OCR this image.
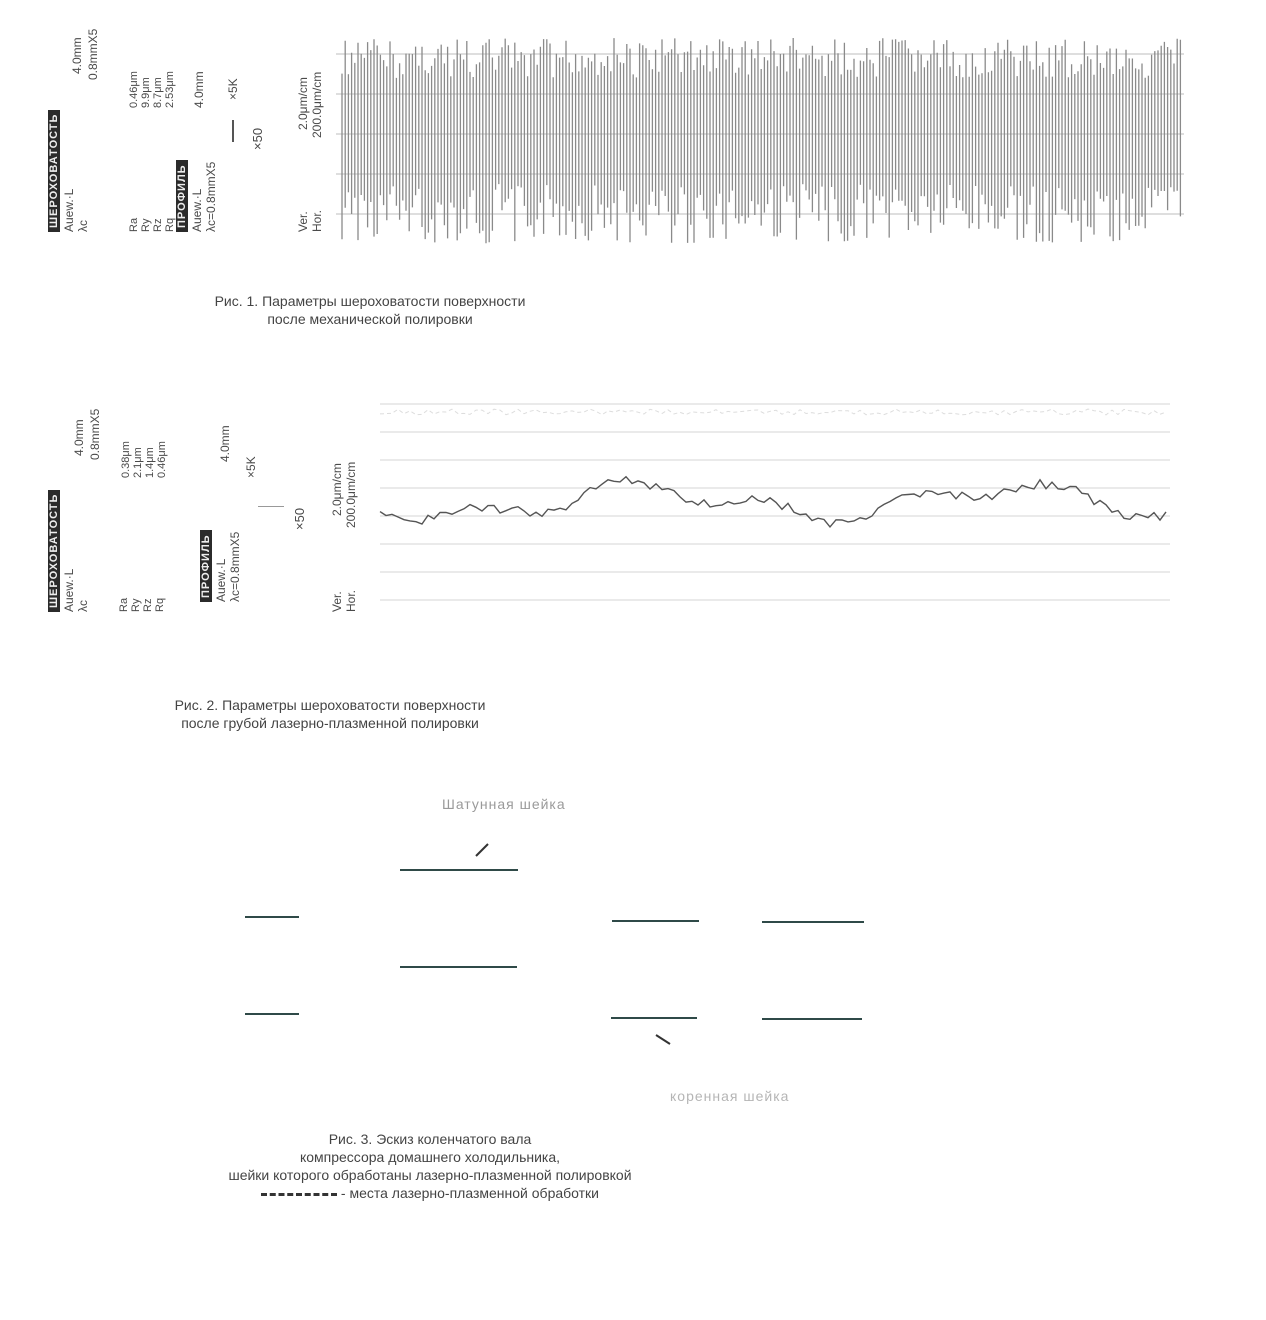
ШЕРОХОВАТОСТЬ Auew.·L λc
4.0mm 0.8mmX5
Ra Ry Rz Rq
0.46μm 9.9μm 8.7μm 2.53μm
ПРОФИЛЬ Auew.·L λc=0.8mmX5
4.0mm ×5K
×50
Ver. Hor.
2.0μm/cm 200.0μm/cm
Рис. 1. Параметры шероховатости поверхности
после механической полировки
ШЕРОХОВАТОСТЬ Auew.·L λc
4.0mm 0.8mmX5
Ra Ry Rz Rq
0.38μm 2.1μm 1.4μm 0.46μm
ПРОФИЛЬ Auew.·L λc=0.8mmX5
4.0mm
×5K
×50
Ver. Hor.
2.0μm/cm 200.0μm/cm
Рис. 2. Параметры шероховатости поверхности
после грубой лазерно-плазменной полировки
Шатунная шейка
коренная шейка
Рис. 3. Эскиз коленчатого вала
компрессора домашнего холодильника,
шейки которого обработаны лазерно-плазменной полировкой
- места лазерно-плазменной обработки
